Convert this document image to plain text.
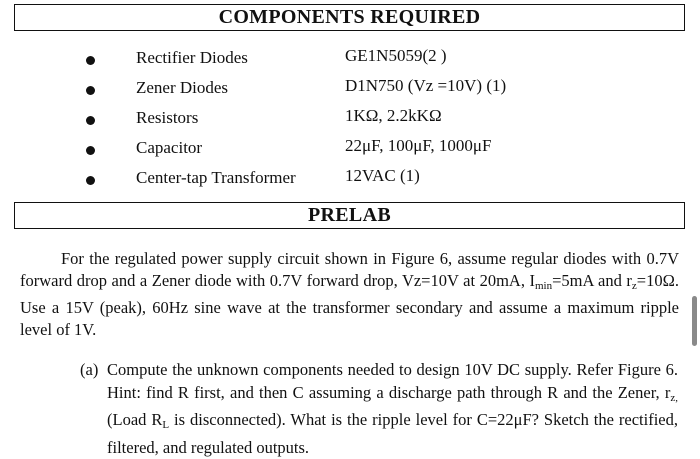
COMPONENTS REQUIRED
Rectifier Diodes	GE1N5059(2 )
Zener Diodes	D1N750 (Vz =10V) (1)
Resistors	1KΩ, 2.2kKΩ
Capacitor	22μF, 100μF, 1000μF
Center-tap Transformer	12VAC (1)
PRELAB

For the regulated power supply circuit shown in Figure 6, assume regular diodes with 0.7V forward drop and a Zener diode with 0.7V forward drop, Vz=10V at 20mA, $I_{min}=5mA$ and $r_z=10\Omega$. Use a 15V (peak), 60Hz sine wave at the transformer secondary and assume a maximum ripple level of 1V.

(a) Compute the unknown components needed to design 10V DC supply. Refer Figure 6. Hint: find R first, and then C assuming a discharge path through R and the Zener, $r_{z,}$ (Load $R_L$ is disconnected). What is the ripple level for C=22μF? Sketch the rectified, filtered, and regulated outputs.
